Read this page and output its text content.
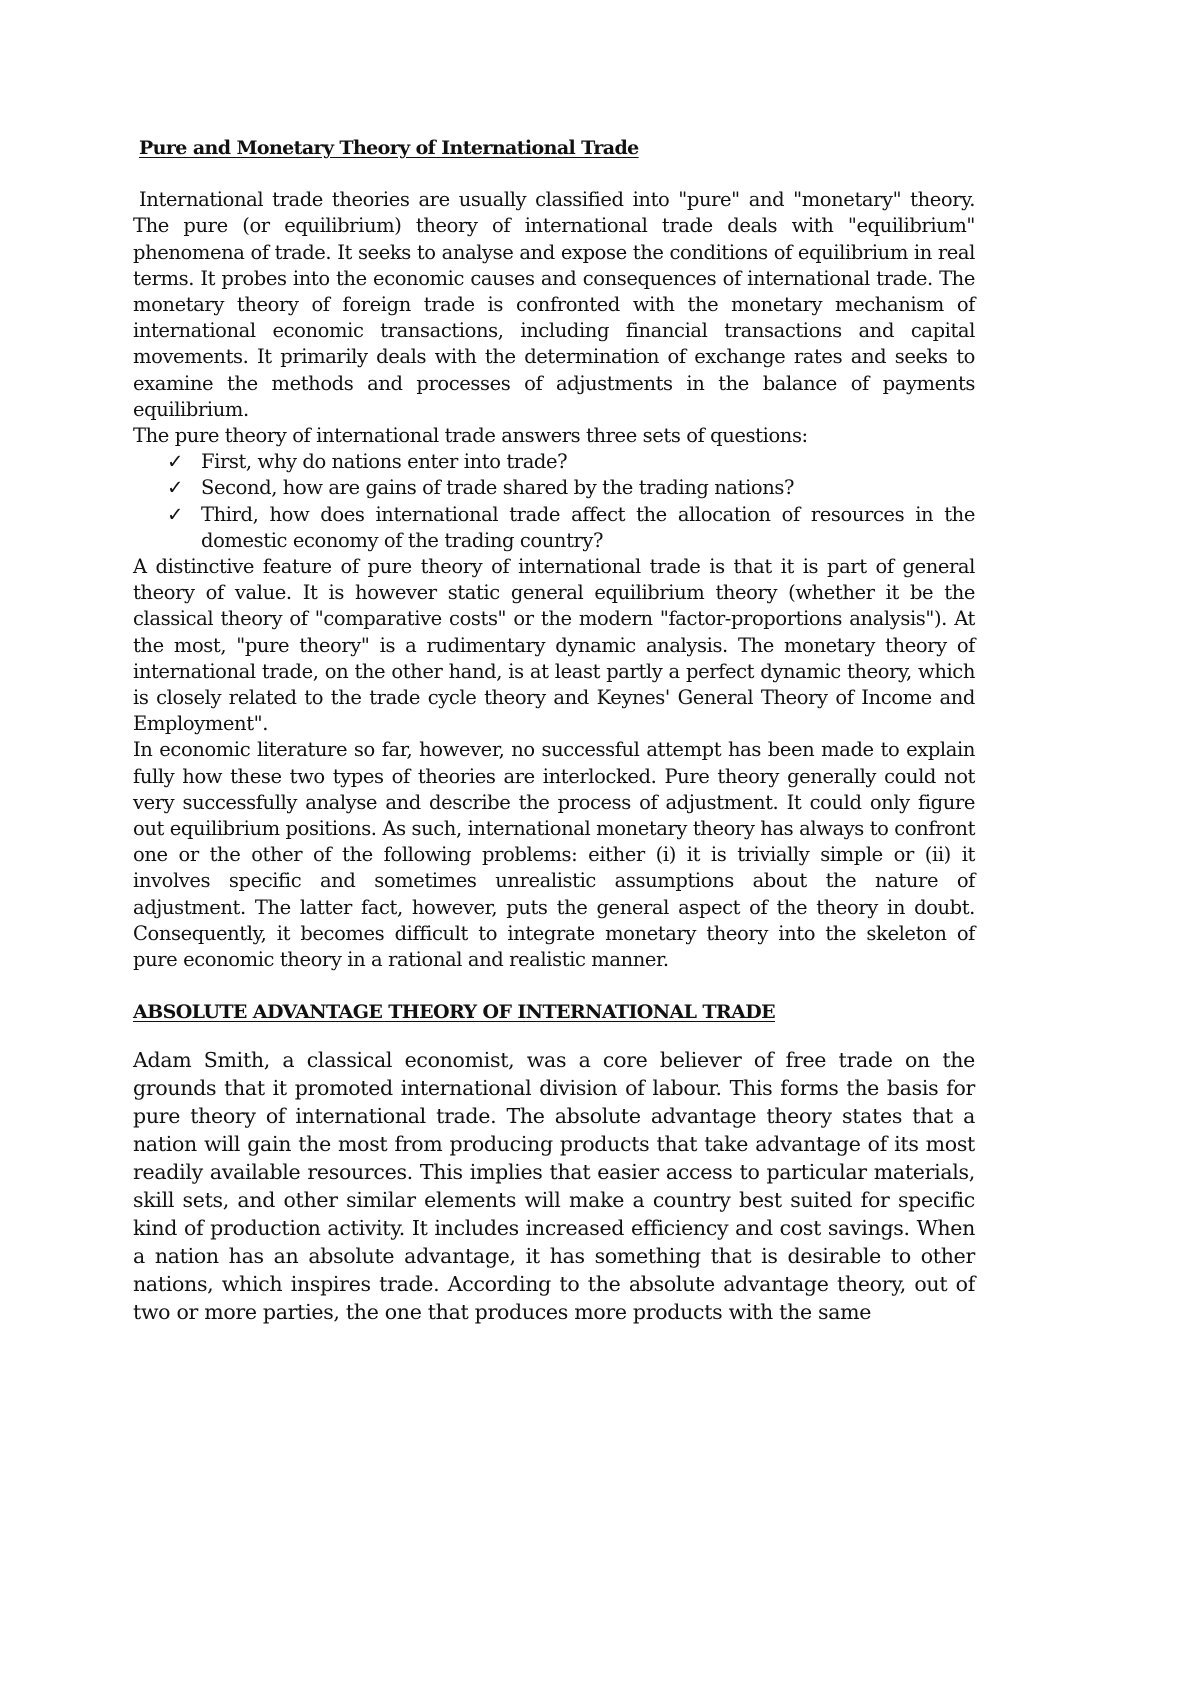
Pure and Monetary Theory of International Trade

International trade theories are usually classified into "pure" and "monetary" theory. The pure (or equilibrium) theory of international trade deals with "equilibrium" phenomena of trade. It seeks to analyse and expose the conditions of equilibrium in real terms. It probes into the economic causes and consequences of international trade. The monetary theory of foreign trade is confronted with the monetary mechanism of international economic transactions, including financial transactions and capital movements. It primarily deals with the determination of exchange rates and seeks to examine the methods and processes of adjustments in the balance of payments equilibrium.

The pure theory of international trade answers three sets of questions:

✓ First, why do nations enter into trade?
✓ Second, how are gains of trade shared by the trading nations?
✓ Third, how does international trade affect the allocation of resources in the domestic economy of the trading country?

A distinctive feature of pure theory of international trade is that it is part of general theory of value. It is however static general equilibrium theory (whether it be the classical theory of "comparative costs" or the modern "factor-proportions analysis"). At the most, "pure theory" is a rudimentary dynamic analysis. The monetary theory of international trade, on the other hand, is at least partly a perfect dynamic theory, which is closely related to the trade cycle theory and Keynes' General Theory of Income and Employment".

In economic literature so far, however, no successful attempt has been made to explain fully how these two types of theories are interlocked. Pure theory generally could not very successfully analyse and describe the process of adjustment. It could only figure out equilibrium positions. As such, international monetary theory has always to confront one or the other of the following problems: either (i) it is trivially simple or (ii) it involves specific and sometimes unrealistic assumptions about the nature of adjustment. The latter fact, however, puts the general aspect of the theory in doubt. Consequently, it becomes difficult to integrate monetary theory into the skeleton of pure economic theory in a rational and realistic manner.

ABSOLUTE ADVANTAGE THEORY OF INTERNATIONAL TRADE

Adam Smith, a classical economist, was a core believer of free trade on the grounds that it promoted international division of labour. This forms the basis for pure theory of international trade. The absolute advantage theory states that a nation will gain the most from producing products that take advantage of its most readily available resources. This implies that easier access to particular materials, skill sets, and other similar elements will make a country best suited for specific kind of production activity. It includes increased efficiency and cost savings. When a nation has an absolute advantage, it has something that is desirable to other nations, which inspires trade. According to the absolute advantage theory, out of two or more parties, the one that produces more products with the same
